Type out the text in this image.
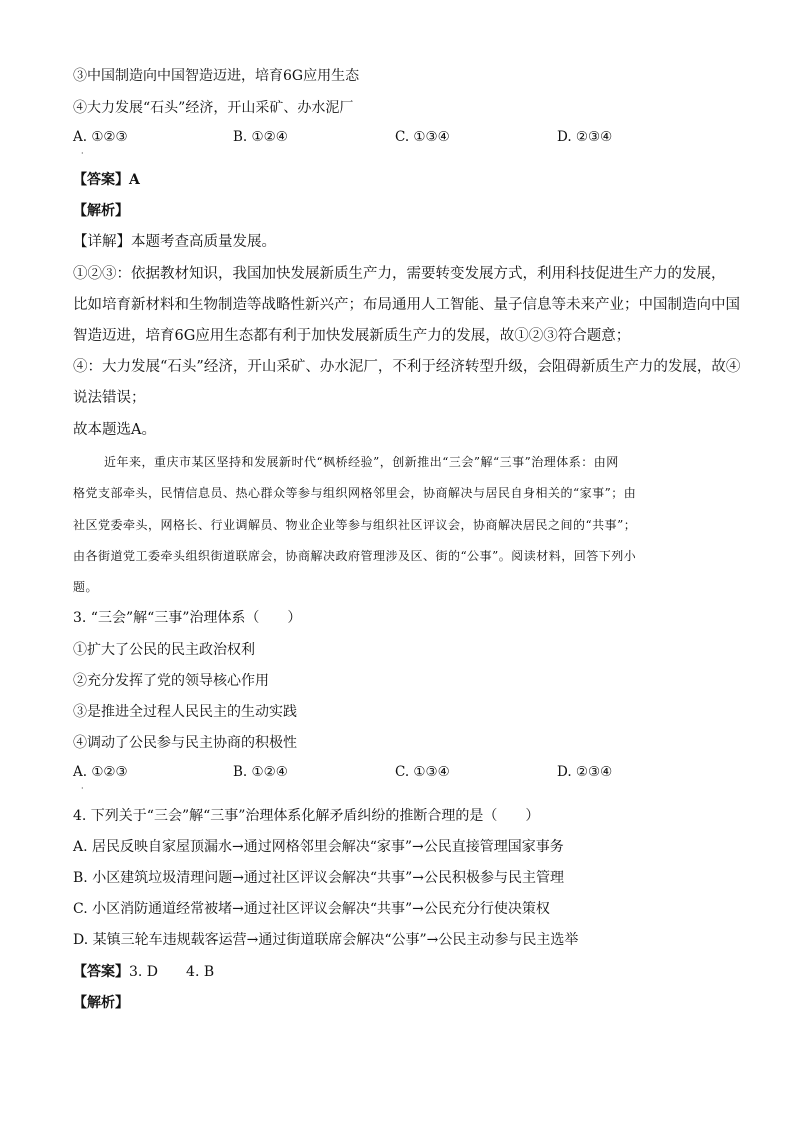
③中国制造向中国智造迈进，培育6G应用生态
④大力发展“石头”经济，开山采矿、办水泥厂
A. ①②③	B. ①②④	C. ①③④	D. ②③④
·
【答案】A
【解析】
【详解】本题考查高质量发展。
①②③：依据教材知识，我国加快发展新质生产力，需要转变发展方式，利用科技促进生产力的发展，
比如培育新材料和生物制造等战略性新兴产；布局通用人工智能、量子信息等未来产业；中国制造向中国
智造迈进，培育6G应用生态都有利于加快发展新质生产力的发展，故①②③符合题意；
④：大力发展“石头”经济，开山采矿、办水泥厂，不利于经济转型升级，会阻碍新质生产力的发展，故④
说法错误；
故本题选A。
近年来，重庆市某区坚持和发展新时代“枫桥经验”，创新推出“三会”解“三事”治理体系：由网
格党支部牵头，民情信息员、热心群众等参与组织网格邻里会，协商解决与居民自身相关的“家事”；由
社区党委牵头，网格长、行业调解员、物业企业等参与组织社区评议会，协商解决居民之间的“共事”；
由各街道党工委牵头组织街道联席会，协商解决政府管理涉及区、街的“公事”。阅读材料，回答下列小
题。
3. “三会”解“三事”治理体系（　　）
①扩大了公民的民主政治权利
②充分发挥了党的领导核心作用
③是推进全过程人民民主的生动实践
④调动了公民参与民主协商的积极性
A. ①②③	B. ①②④	C. ①③④	D. ②③④
·
4. 下列关于“三会”解“三事”治理体系化解矛盾纠纷的推断合理的是（　　）
A. 居民反映自家屋顶漏水→通过网格邻里会解决“家事”→公民直接管理国家事务
B. 小区建筑垃圾清理问题→通过社区评议会解决“共事”→公民积极参与民主管理
C. 小区消防通道经常被堵→通过社区评议会解决“共事”→公民充分行使决策权
D. 某镇三轮车违规载客运营→通过街道联席会解决“公事”→公民主动参与民主选举
【答案】3. D　　4. B
【解析】
